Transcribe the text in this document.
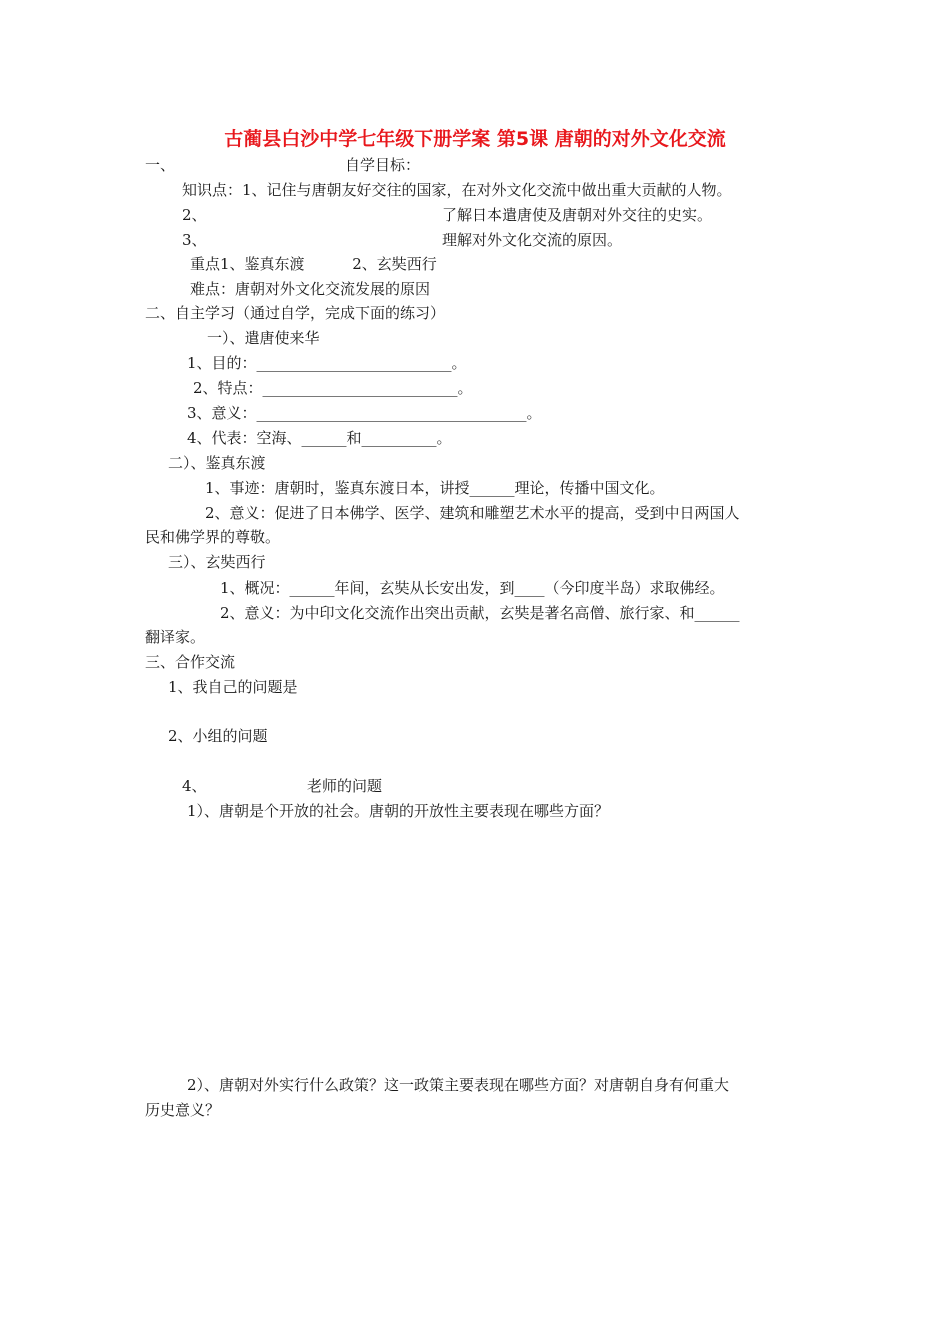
古蔺县白沙中学七年级下册学案 第5课 唐朝的对外文化交流
一、	自学目标：
知识点：1、记住与唐朝友好交往的国家，在对外文化交流中做出重大贡献的人物。
2、	了解日本遣唐使及唐朝对外交往的史实。
3、	理解对外文化交流的原因。
重点1、鉴真东渡          2、玄奘西行
难点：唐朝对外文化交流发展的原因
二、自主学习（通过自学，完成下面的练习）
一）、遣唐使来华
1、目的：__________________________。
2、特点：__________________________。
3、意义：____________________________________。
4、代表：空海、______和__________。
二）、鉴真东渡
1、事迹：唐朝时，鉴真东渡日本，讲授______理论，传播中国文化。
2、意义：促进了日本佛学、医学、建筑和雕塑艺术水平的提高，受到中日两国人
民和佛学界的尊敬。
三）、玄奘西行
1、概况：______年间，玄奘从长安出发，到____（今印度半岛）求取佛经。
2、意义：为中印文化交流作出突出贡献，玄奘是著名高僧、旅行家、和______
翻译家。
三、合作交流
1、我自己的问题是
2、小组的问题
4、	老师的问题
1）、唐朝是个开放的社会。唐朝的开放性主要表现在哪些方面？
2）、唐朝对外实行什么政策？这一政策主要表现在哪些方面？对唐朝自身有何重大
历史意义？
